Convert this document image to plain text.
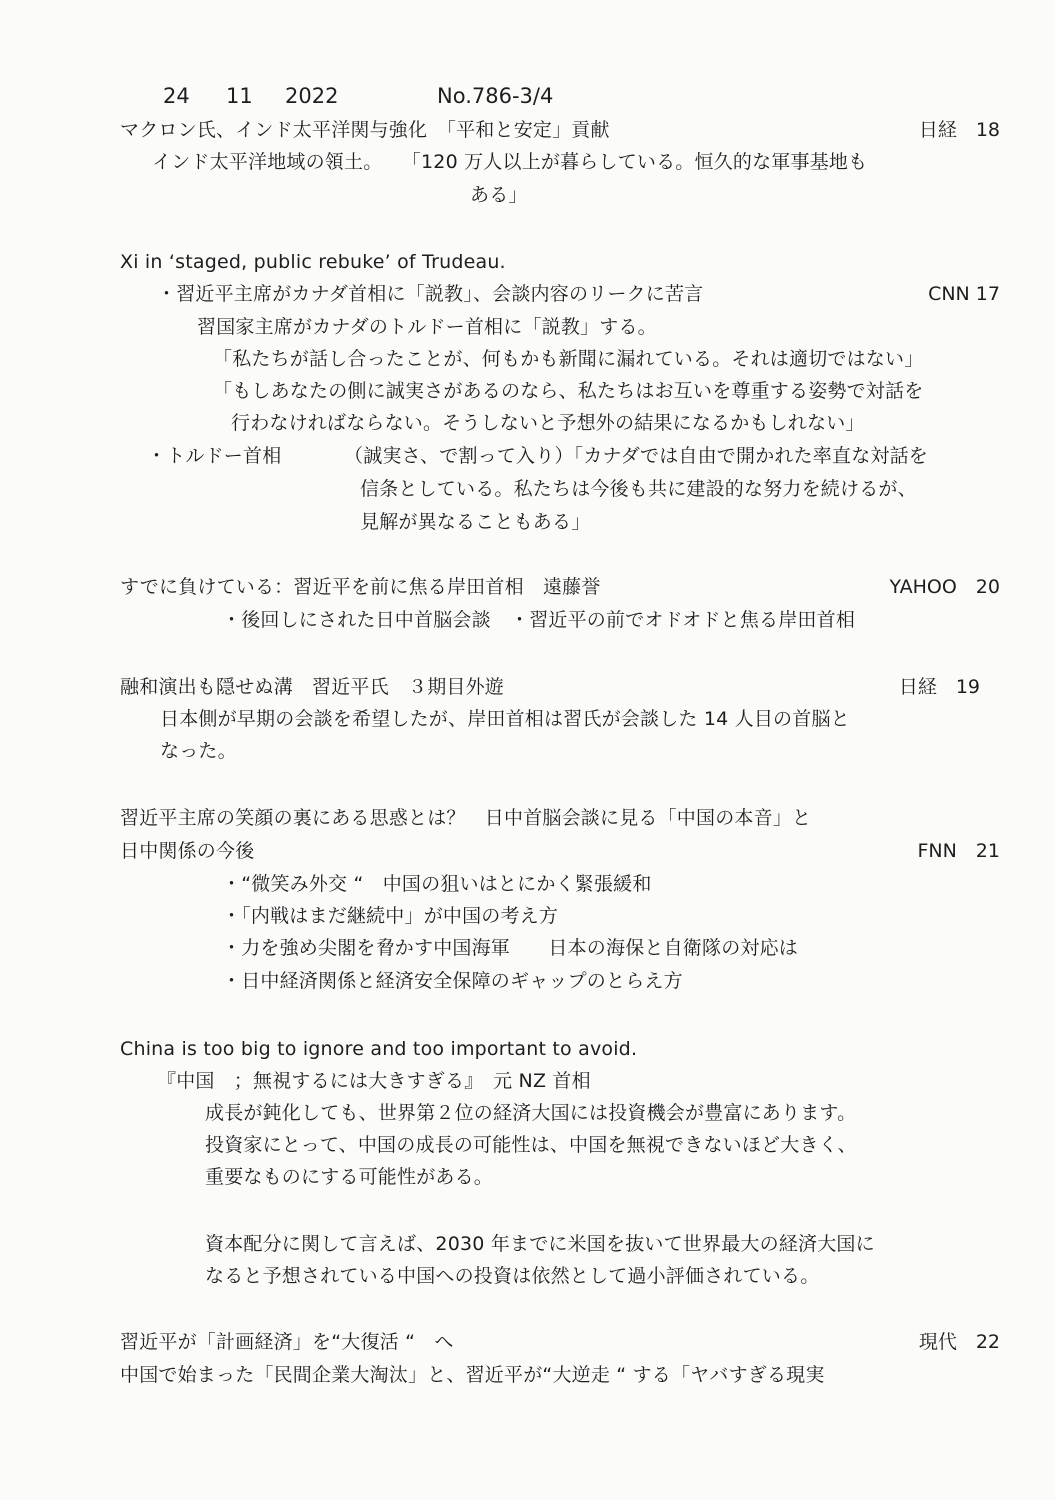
24 11 2022	No.786-3/4
マクロン氏、インド太平洋関与強化　「平和と安定」貢献	日経　18
インド太平洋地域の領土。　　「120 万人以上が暮らしている。恒久的な軍事基地も
ある」
Xi in ‘staged, public rebuke’ of Trudeau.
・習近平主席がカナダ首相に「説教」、会談内容のリークに苦言	CNN 17
習国家主席がカナダのトルドー首相に「説教」する。
「私たちが話し合ったことが、何もかも新聞に漏れている。それは適切ではない」
「もしあなたの側に誠実さがあるのなら、私たちはお互いを尊重する姿勢で対話を
行わなければならない。そうしないと予想外の結果になるかもしれない」
・トルドー首相	（誠実さ、で割って入り）「カナダでは自由で開かれた率直な対話を
信条としている。私たちは今後も共に建設的な努力を続けるが、
見解が異なることもある」
すでに負けている：習近平を前に焦る岸田首相　遠藤誉	YAHOO　20
・後回しにされた日中首脳会談　・習近平の前でオドオドと焦る岸田首相
融和演出も隠せぬ溝　習近平氏　３期目外遊	日経　19
日本側が早期の会談を希望したが、岸田首相は習氏が会談した 14 人目の首脳と
なった。
習近平主席の笑顔の裏にある思惑とは？　日中首脳会談に見る「中国の本音」と
日中関係の今後	FNN　21
・“微笑み外交 “　中国の狙いはとにかく緊張緩和
・「内戦はまだ継続中」が中国の考え方
・力を強め尖閣を脅かす中国海軍　　日本の海保と自衛隊の対応は
・日中経済関係と経済安全保障のギャップのとらえ方
China is too big to ignore and too important to avoid.
『中国　；無視するには大きすぎる』　元 NZ 首相
成長が鈍化しても、世界第２位の経済大国には投資機会が豊富にあります。
投資家にとって、中国の成長の可能性は、中国を無視できないほど大きく、
重要なものにする可能性がある。
資本配分に関して言えば、2030 年までに米国を抜いて世界最大の経済大国に
なると予想されている中国への投資は依然として過小評価されている。
習近平が「計画経済」を“大復活 “　へ	現代　22
中国で始まった「民間企業大淘汰」と、習近平が“大逆走 “ する「ヤバすぎる現実
